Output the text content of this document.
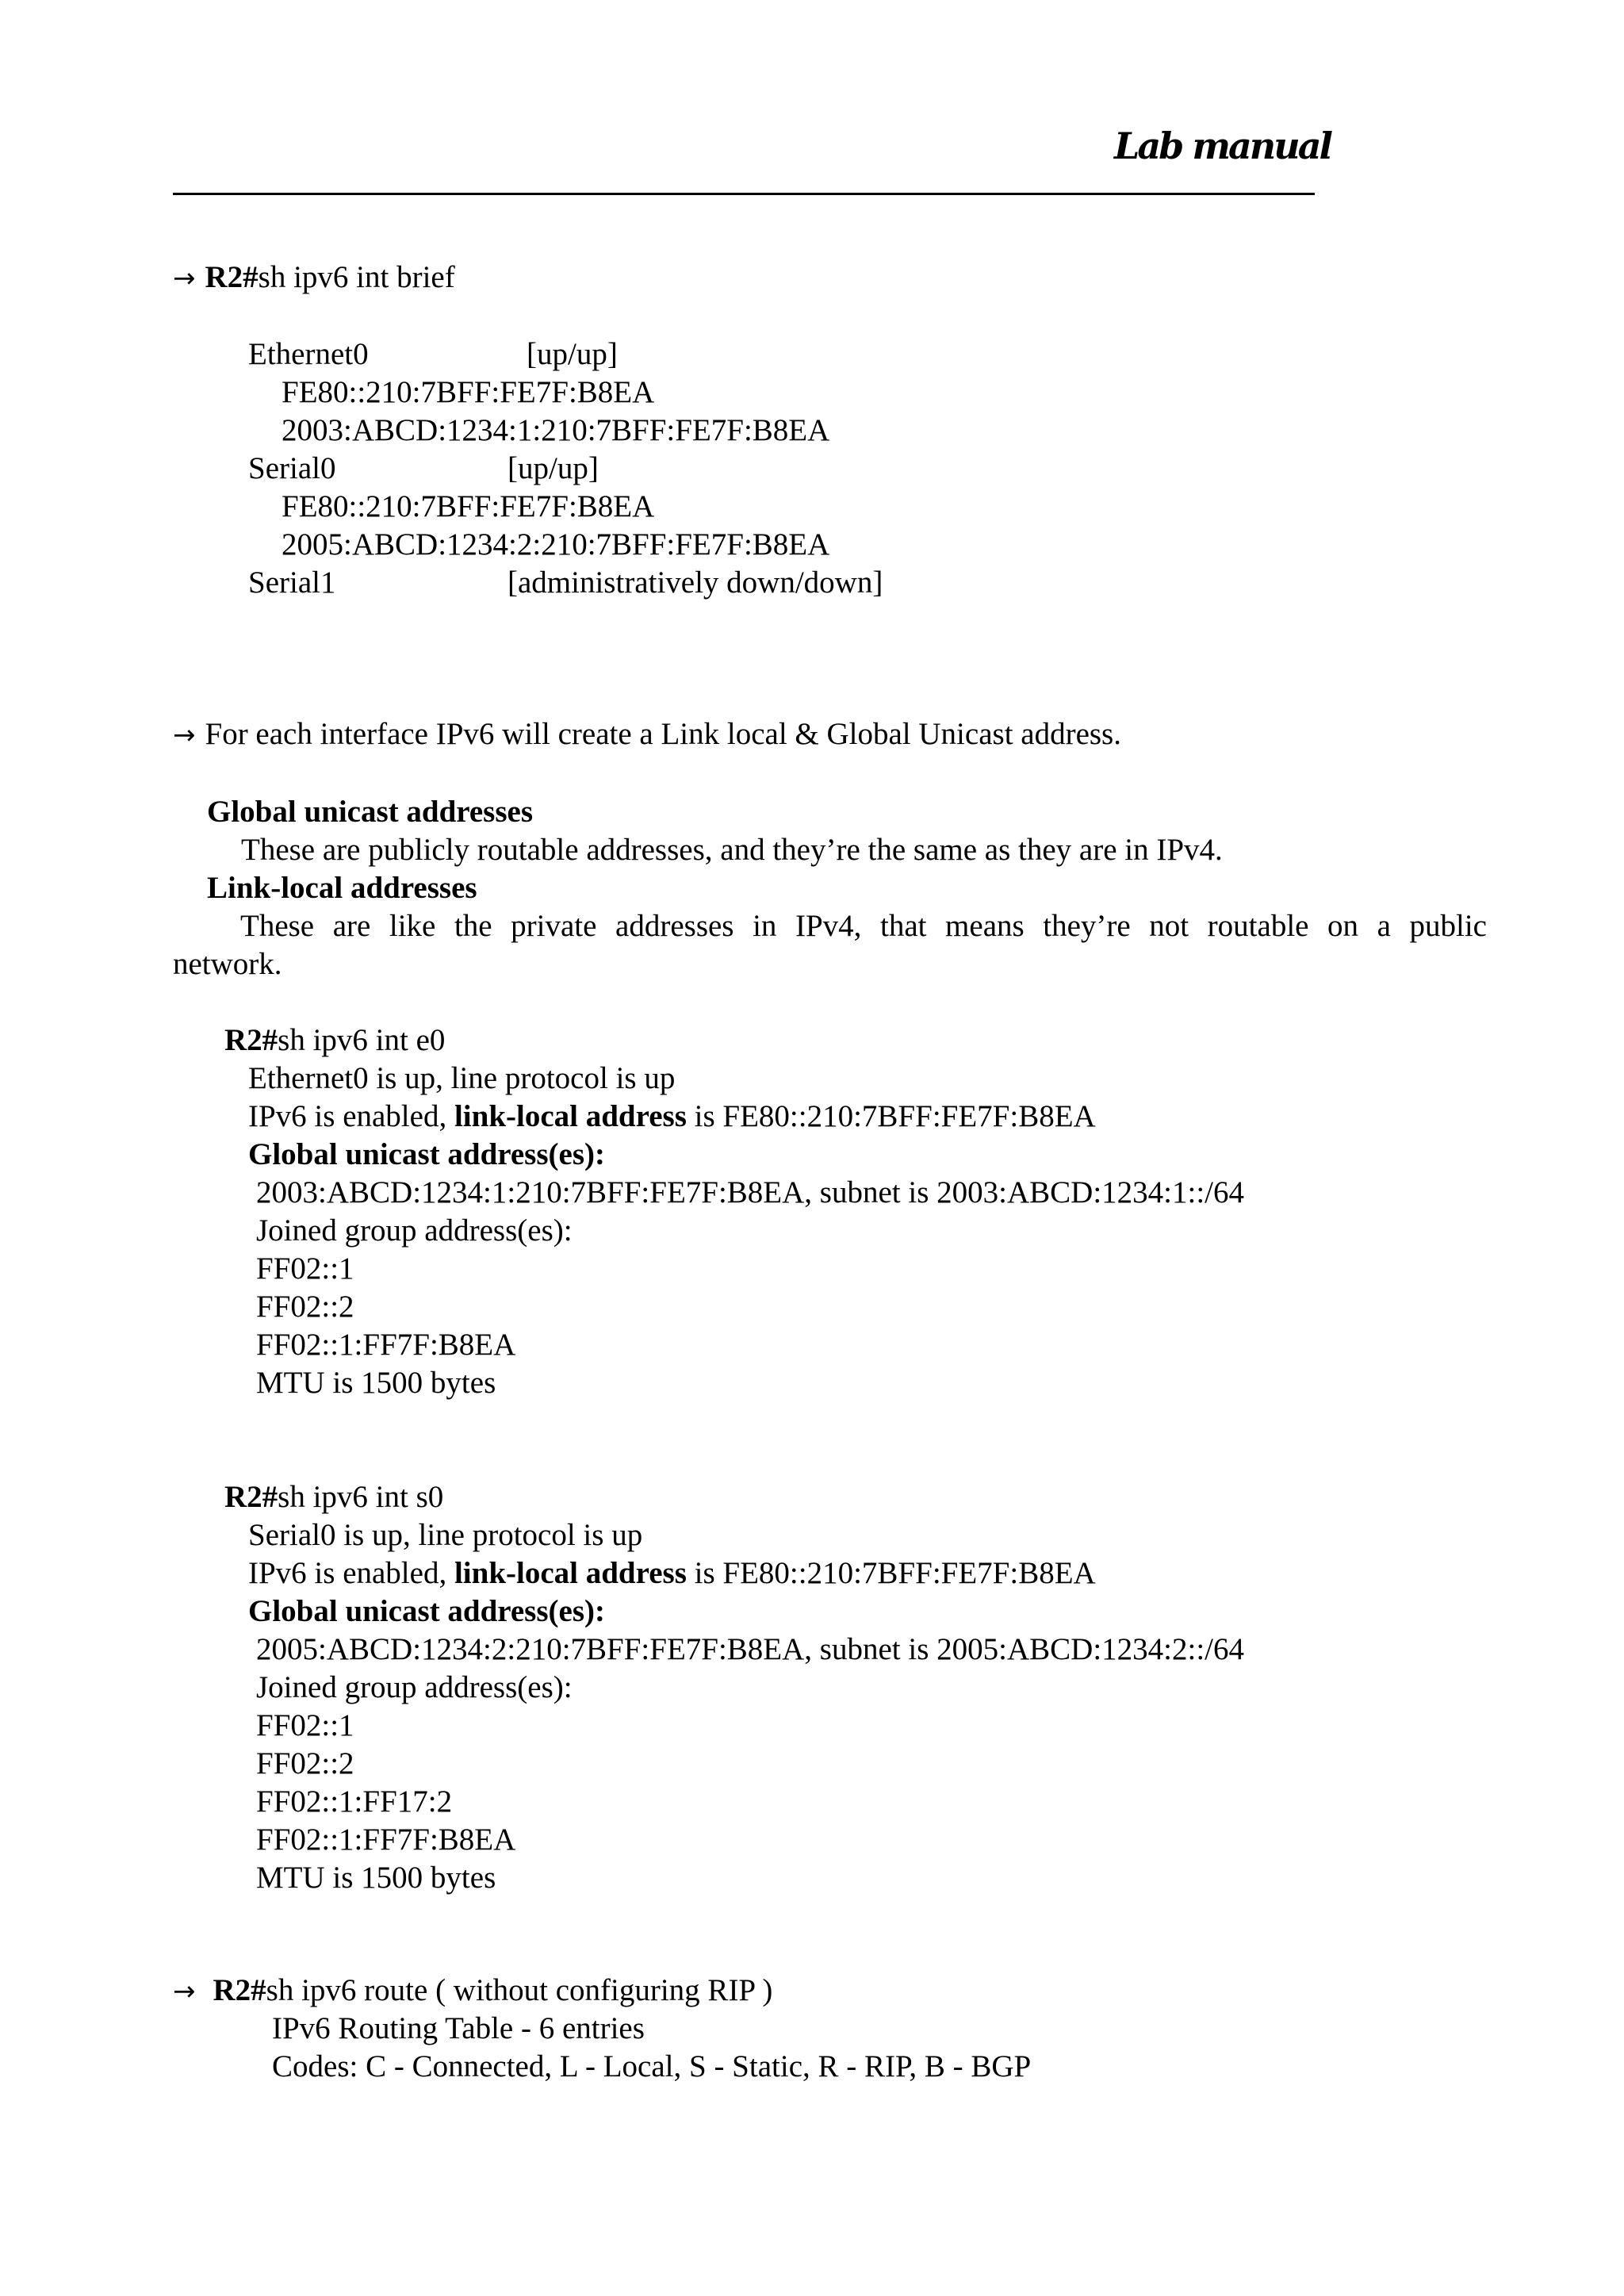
Lab manual
→ R2#sh ipv6 int brief
Ethernet0	[up/up]
FE80::210:7BFF:FE7F:B8EA
2003:ABCD:1234:1:210:7BFF:FE7F:B8EA
Serial0	[up/up]
FE80::210:7BFF:FE7F:B8EA
2005:ABCD:1234:2:210:7BFF:FE7F:B8EA
Serial1	[administratively down/down]
→ For each interface IPv6 will create a Link local & Global Unicast address.
Global unicast addresses
These are publicly routable addresses, and they’re the same as they are in IPv4.
Link-local addresses
These are like the private addresses in IPv4, that means they’re not routable on a public
network.
R2#sh ipv6 int e0
Ethernet0 is up, line protocol is up
IPv6 is enabled, link-local address is FE80::210:7BFF:FE7F:B8EA
Global unicast address(es):
2003:ABCD:1234:1:210:7BFF:FE7F:B8EA, subnet is 2003:ABCD:1234:1::/64
Joined group address(es):
FF02::1
FF02::2
FF02::1:FF7F:B8EA
MTU is 1500 bytes
R2#sh ipv6 int s0
Serial0 is up, line protocol is up
IPv6 is enabled, link-local address is FE80::210:7BFF:FE7F:B8EA
Global unicast address(es):
2005:ABCD:1234:2:210:7BFF:FE7F:B8EA, subnet is 2005:ABCD:1234:2::/64
Joined group address(es):
FF02::1
FF02::2
FF02::1:FF17:2
FF02::1:FF7F:B8EA
MTU is 1500 bytes
→ R2#sh ipv6 route ( without configuring RIP )
IPv6 Routing Table - 6 entries
Codes: C - Connected, L - Local, S - Static, R - RIP, B - BGP
